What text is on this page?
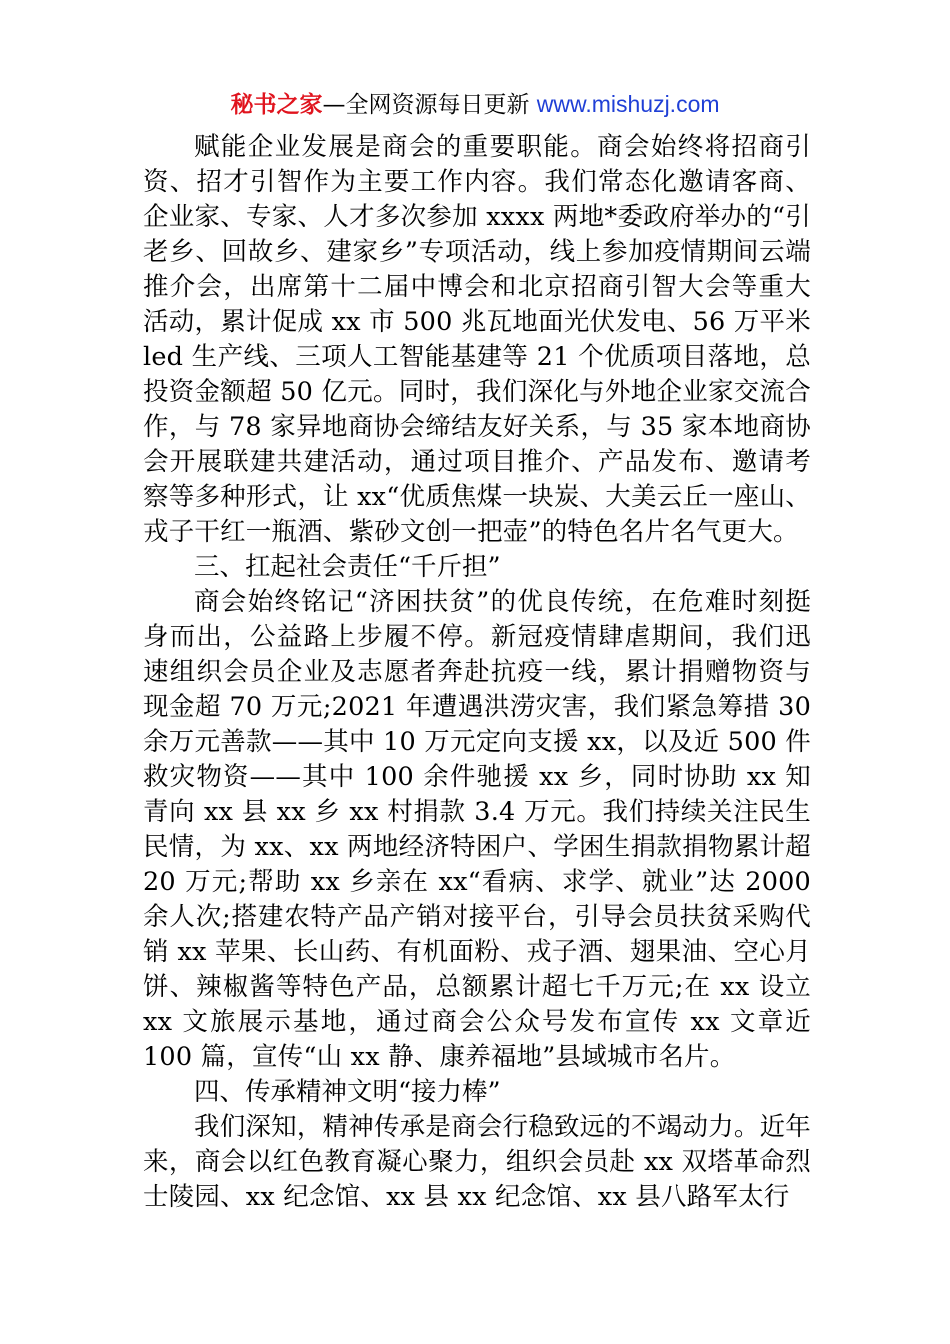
秘书之家—全网资源每日更新 www.mishuzj.com

赋能企业发展是商会的重要职能。商会始终将招商引资、招才引智作为主要工作内容。我们常态化邀请客商、企业家、专家、人才多次参加 xxxx 两地*委政府举办的“引老乡、回故乡、建家乡”专项活动，线上参加疫情期间云端推介会，出席第十二届中博会和北京招商引智大会等重大活动，累计促成 xx 市 500 兆瓦地面光伏发电、56 万平米 led 生产线、三项人工智能基建等 21 个优质项目落地，总投资金额超 50 亿元。同时，我们深化与外地企业家交流合作，与 78 家异地商协会缔结友好关系，与 35 家本地商协会开展联建共建活动，通过项目推介、产品发布、邀请考察等多种形式，让 xx“优质焦煤一块炭、大美云丘一座山、戎子干红一瓶酒、紫砂文创一把壶”的特色名片名气更大。

三、扛起社会责任“千斤担”

商会始终铭记“济困扶贫”的优良传统，在危难时刻挺身而出，公益路上步履不停。新冠疫情肆虐期间，我们迅速组织会员企业及志愿者奔赴抗疫一线，累计捐赠物资与现金超 70 万元;2021 年遭遇洪涝灾害，我们紧急筹措 30 余万元善款——其中 10 万元定向支援 xx，以及近 500 件救灾物资——其中 100 余件驰援 xx 乡，同时协助 xx 知青向 xx 县 xx 乡 xx 村捐款 3.4 万元。我们持续关注民生民情，为 xx、xx 两地经济特困户、学困生捐款捐物累计超 20 万元;帮助 xx 乡亲在 xx“看病、求学、就业”达 2000 余人次;搭建农特产品产销对接平台，引导会员扶贫采购代销 xx 苹果、长山药、有机面粉、戎子酒、翅果油、空心月饼、辣椒酱等特色产品，总额累计超七千万元;在 xx 设立 xx 文旅展示基地，通过商会公众号发布宣传 xx 文章近 100 篇，宣传“山 xx 静、康养福地”县域城市名片。

四、传承精神文明“接力棒”

我们深知，精神传承是商会行稳致远的不竭动力。近年来，商会以红色教育凝心聚力，组织会员赴 xx 双塔革命烈士陵园、xx 纪念馆、xx 县 xx 纪念馆、xx 县八路军太行
